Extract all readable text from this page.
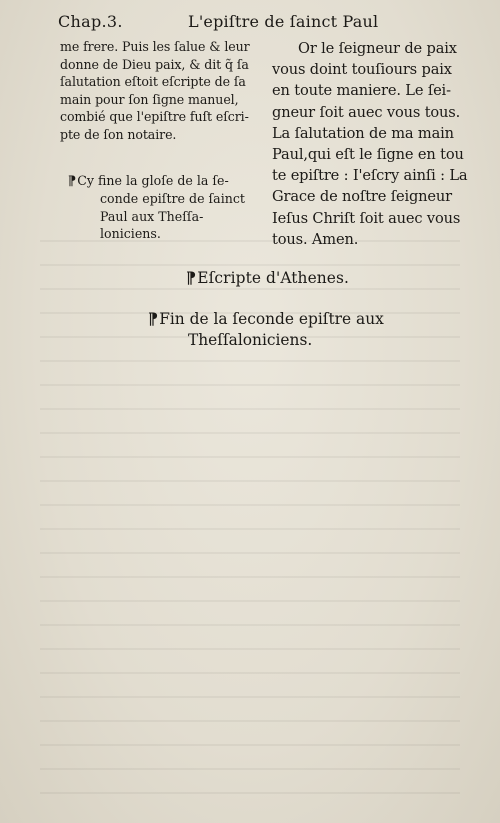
Chap.3.	L'epiſtre de ſainct Paul

me frere. Puis les ſalue & leur
donne de Dieu paix, & dit q̃ ſa
ſalutation eſtoit eſcripte de ſa
main pour ſon ſigne manuel,
combié que l'epiſtre fuſt eſcri-
pte de ſon notaire.

¶Cy fine la gloſe de la ſe-
conde epiſtre de ſainct
Paul aux Theſſa-
loniciens.
Or le ſeigneur de paix
vous doint touſiours paix
en toute maniere. Le ſei-
gneur ſoit auec vous tous.
La ſalutation de ma main
Paul,qui eſt le ſigne en tou
te epiſtre : I'eſcry ainſi : La
Grace de noſtre ſeigneur
Ieſus Chriſt ſoit auec vous
tous. Amen.
¶Eſcripte d'Athenes.
¶Fin de la ſeconde epiſtre aux
Theſſaloniciens.
